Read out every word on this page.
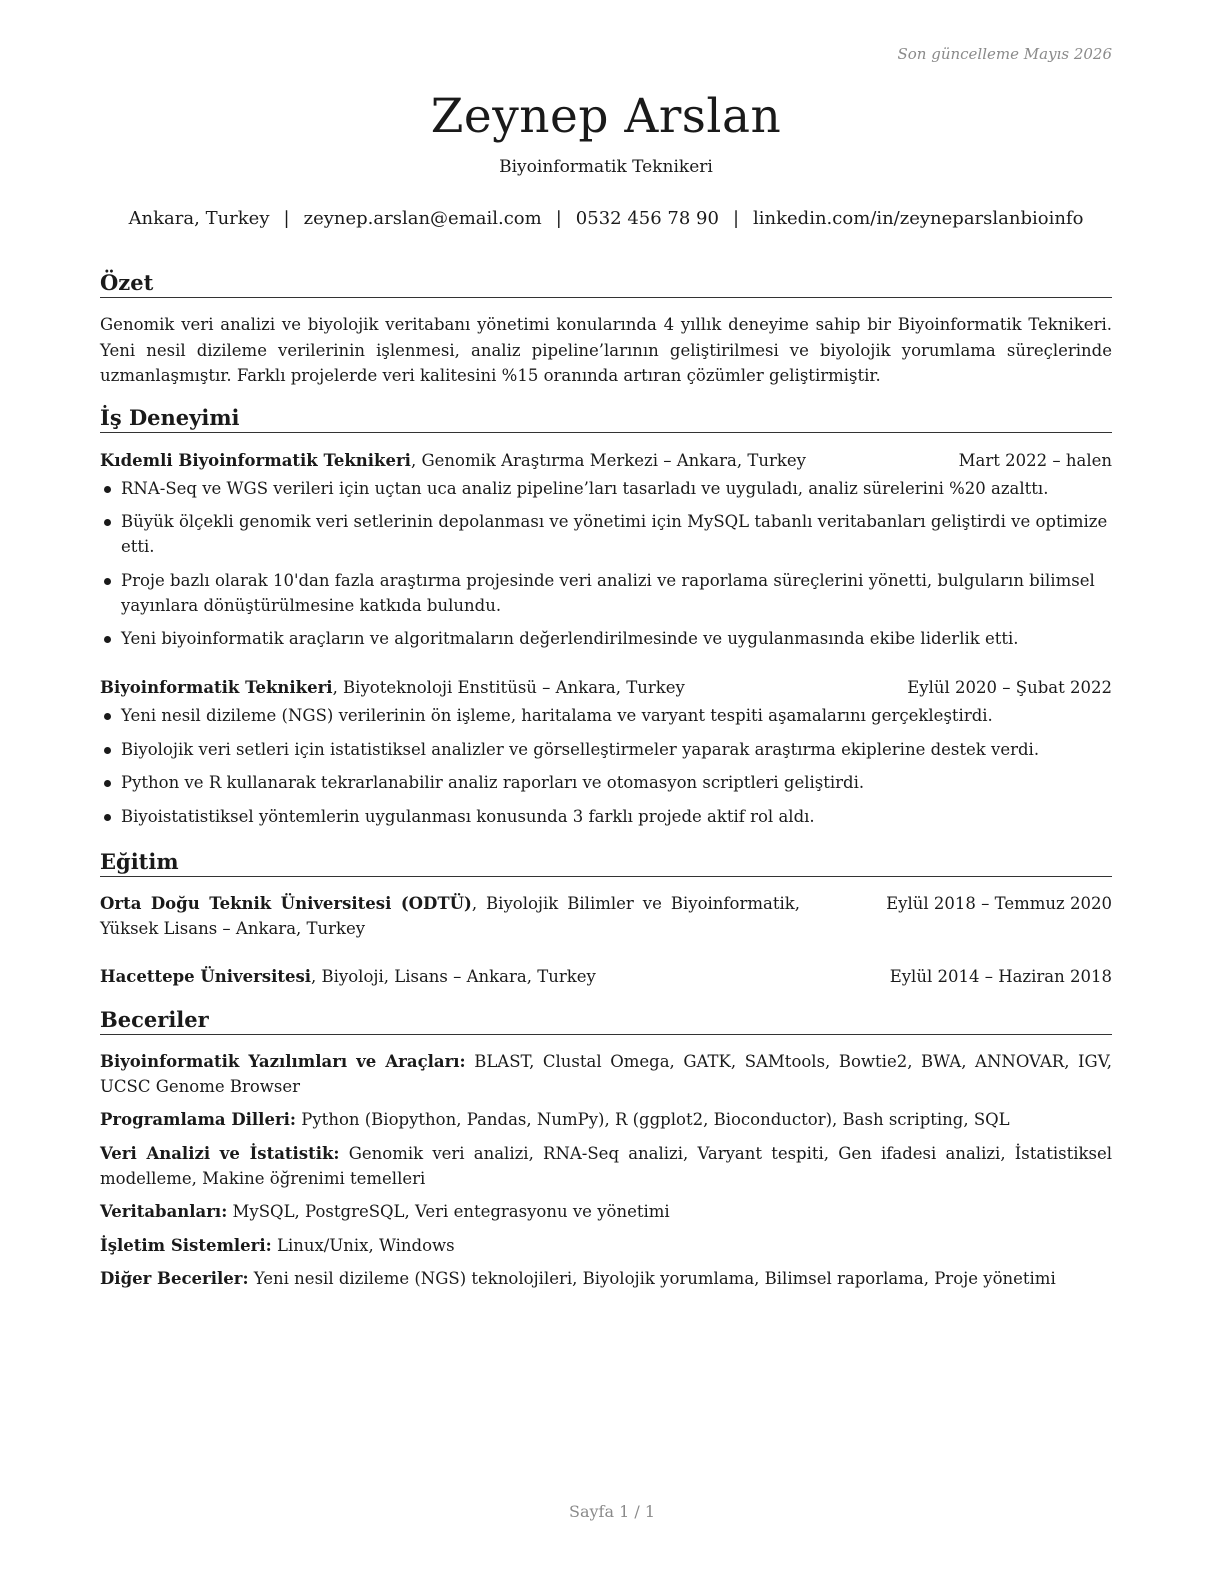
Son güncelleme Mayıs 2026
Zeynep Arslan
Biyoinformatik Teknikeri
Ankara, Turkey | zeynep.arslan@email.com | 0532 456 78 90 | linkedin.com/in/zeyneparslanbioinfo
Özet
Genomik veri analizi ve biyolojik veritabanı yönetimi konularında 4 yıllık deneyime sahip bir Biyoinformatik Teknikeri. Yeni nesil dizileme verilerinin işlenmesi, analiz pipeline’larının geliştirilmesi ve biyolojik yorumlama süreçlerinde uzmanlaşmıştır. Farklı projelerde veri kalitesini %15 oranında artıran çözümler geliştirmiştir.
İş Deneyimi
Kıdemli Biyoinformatik Teknikeri, Genomik Araştırma Merkezi – Ankara, Turkey	Mart 2022 – halen
RNA-Seq ve WGS verileri için uçtan uca analiz pipeline’ları tasarladı ve uyguladı, analiz sürelerini %20 azalttı.
Büyük ölçekli genomik veri setlerinin depolanması ve yönetimi için MySQL tabanlı veritabanları geliştirdi ve optimize etti.
Proje bazlı olarak 10'dan fazla araştırma projesinde veri analizi ve raporlama süreçlerini yönetti, bulguların bilimsel yayınlara dönüştürülmesine katkıda bulundu.
Yeni biyoinformatik araçların ve algoritmaların değerlendirilmesinde ve uygulanmasında ekibe liderlik etti.
Biyoinformatik Teknikeri, Biyoteknoloji Enstitüsü – Ankara, Turkey	Eylül 2020 – Şubat 2022
Yeni nesil dizileme (NGS) verilerinin ön işleme, haritalama ve varyant tespiti aşamalarını gerçekleştirdi.
Biyolojik veri setleri için istatistiksel analizler ve görselleştirmeler yaparak araştırma ekiplerine destek verdi.
Python ve R kullanarak tekrarlanabilir analiz raporları ve otomasyon scriptleri geliştirdi.
Biyoistatistiksel yöntemlerin uygulanması konusunda 3 farklı projede aktif rol aldı.
Eğitim
Orta Doğu Teknik Üniversitesi (ODTÜ), Biyolojik Bilimler ve Biyoinformatik, Yüksek Lisans – Ankara, Turkey
Eylül 2018 – Temmuz 2020
Hacettepe Üniversitesi, Biyoloji, Lisans – Ankara, Turkey	Eylül 2014 – Haziran 2018
Beceriler
Biyoinformatik Yazılımları ve Araçları: BLAST, Clustal Omega, GATK, SAMtools, Bowtie2, BWA, ANNOVAR, IGV, UCSC Genome Browser
Programlama Dilleri: Python (Biopython, Pandas, NumPy), R (ggplot2, Bioconductor), Bash scripting, SQL
Veri Analizi ve İstatistik: Genomik veri analizi, RNA-Seq analizi, Varyant tespiti, Gen ifadesi analizi, İstatistiksel modelleme, Makine öğrenimi temelleri
Veritabanları: MySQL, PostgreSQL, Veri entegrasyonu ve yönetimi
İşletim Sistemleri: Linux/Unix, Windows
Diğer Beceriler: Yeni nesil dizileme (NGS) teknolojileri, Biyolojik yorumlama, Bilimsel raporlama, Proje yönetimi
Sayfa 1 / 1
